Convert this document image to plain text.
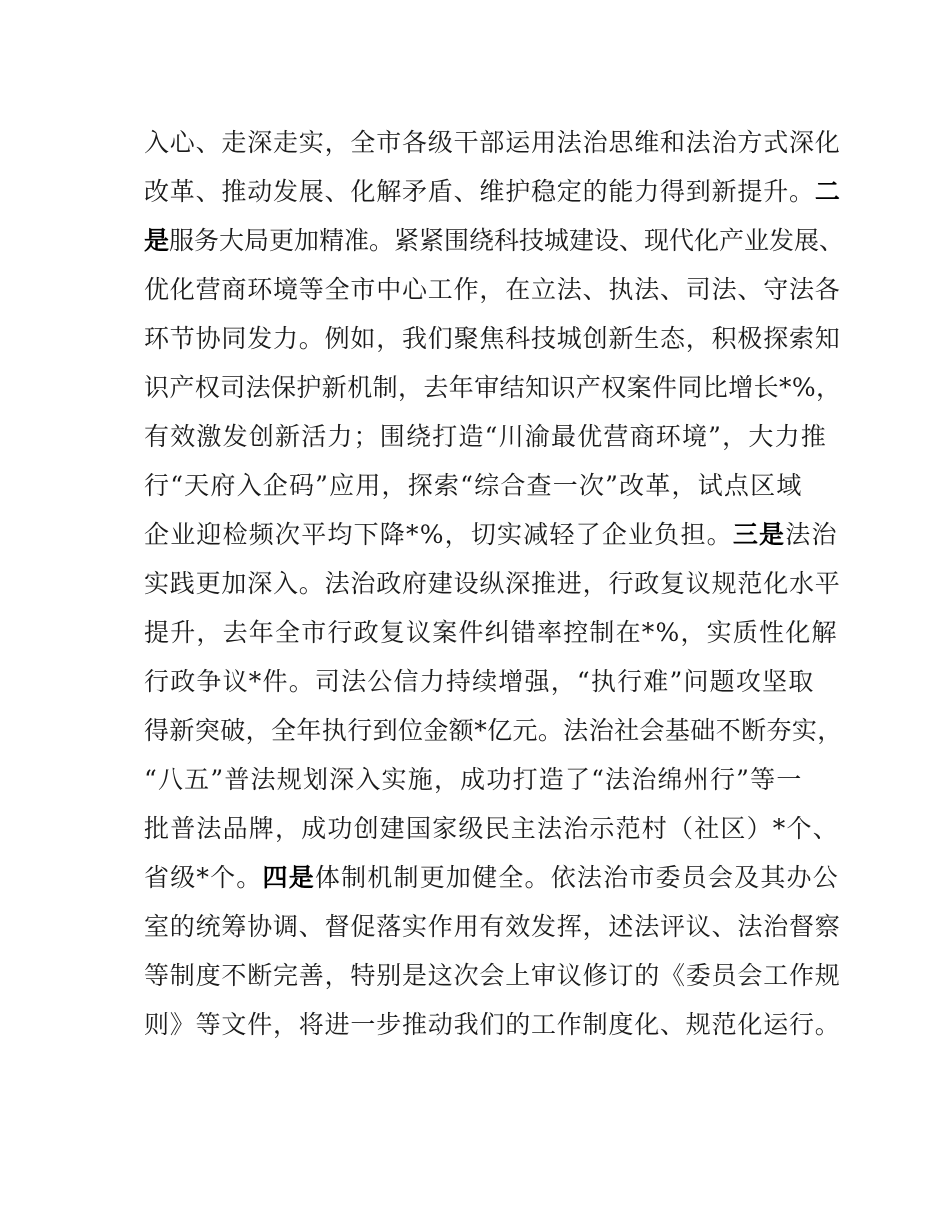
入心、走深走实，全市各级干部运用法治思维和法治方式深化
改革、推动发展、化解矛盾、维护稳定的能力得到新提升。二
是服务大局更加精准。紧紧围绕科技城建设、现代化产业发展、
优化营商环境等全市中心工作，在立法、执法、司法、守法各
环节协同发力。例如，我们聚焦科技城创新生态，积极探索知
识产权司法保护新机制，去年审结知识产权案件同比增长*%，
有效激发创新活力；围绕打造“川渝最优营商环境”，大力推
行“天府入企码”应用，探索“综合查一次”改革，试点区域
企业迎检频次平均下降*%，切实减轻了企业负担。三是法治
实践更加深入。法治政府建设纵深推进，行政复议规范化水平
提升，去年全市行政复议案件纠错率控制在*%，实质性化解
行政争议*件。司法公信力持续增强，“执行难”问题攻坚取
得新突破，全年执行到位金额*亿元。法治社会基础不断夯实，
“八五”普法规划深入实施，成功打造了“法治绵州行”等一
批普法品牌，成功创建国家级民主法治示范村（社区）*个、
省级*个。四是体制机制更加健全。依法治市委员会及其办公
室的统筹协调、督促落实作用有效发挥，述法评议、法治督察
等制度不断完善，特别是这次会上审议修订的《委员会工作规
则》等文件，将进一步推动我们的工作制度化、规范化运行。
